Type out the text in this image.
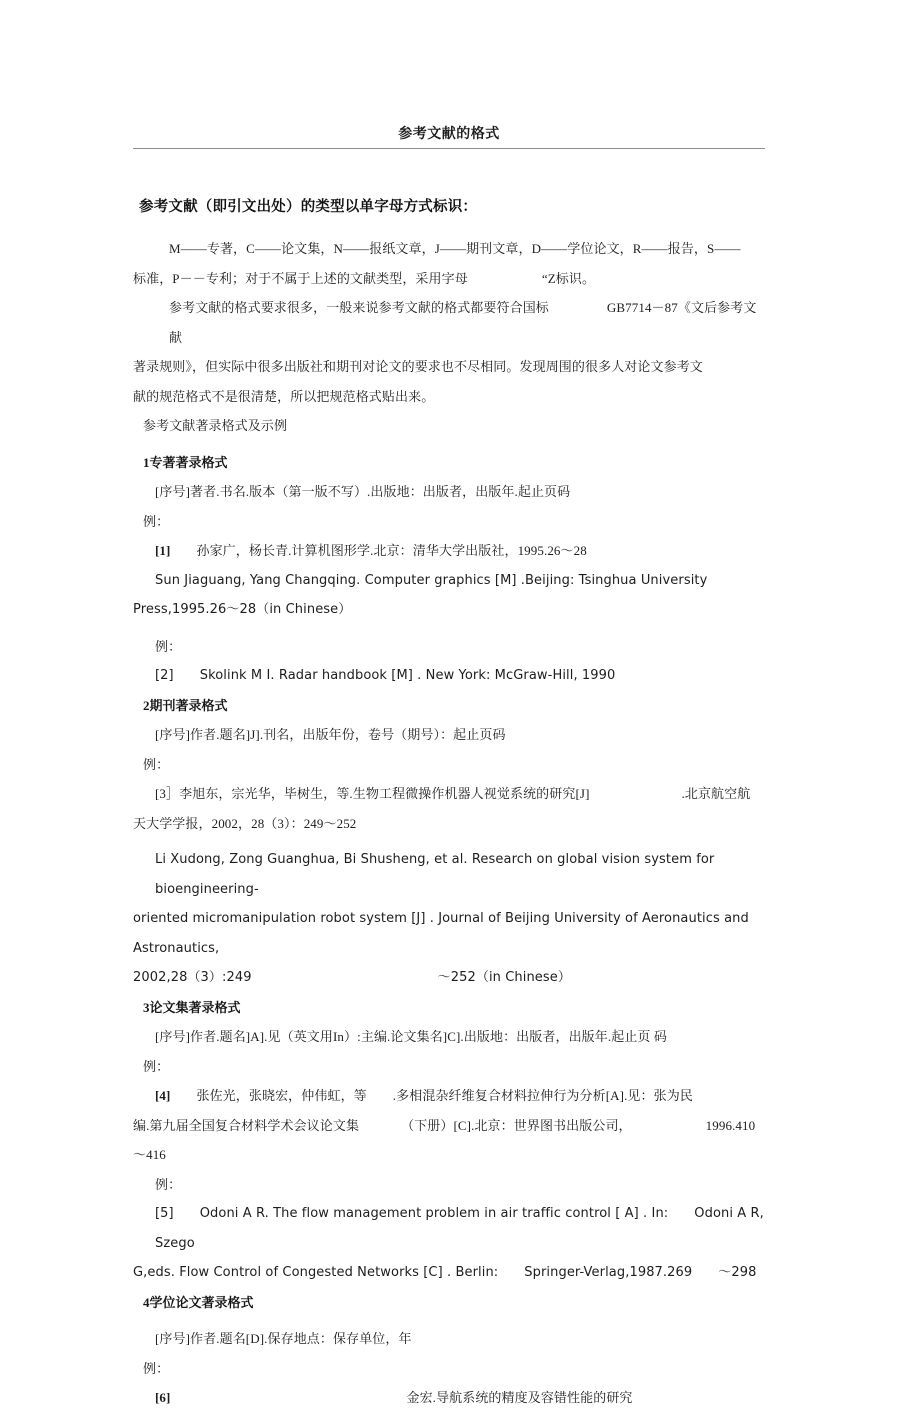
参考文献的格式
参考文献（即引文出处）的类型以单字母方式标识：

M——专著，C——论文集，N——报纸文章，J——期刊文章，D——学位论文，R——报告，S——

标准，P－－专利；对于不属于上述的文献类型，采用字母	“Z标识。

参考文献的格式要求很多，一般来说参考文献的格式都要符合国标	GB7714－87《文后参考文献

著录规则》，但实际中很多出版社和期刊对论文的要求也不尽相同。发现周围的很多人对论文参考文

献的规范格式不是很清楚，所以把规范格式贴出来。

参考文献著录格式及示例

1专著著录格式

[序号]著者.书名.版本（第一版不写）.出版地：出版者，出版年.起止页码

例：

[1] 孙家广，杨长青.计算机图形学.北京：清华大学出版社，1995.26～28

Sun Jiaguang, Yang Changqing. Computer graphics [M] .Beijing: Tsinghua University

Press,1995.26～28（in Chinese）

例：

[2] Skolink M I. Radar handbook [M] . New York: McGraw-Hill, 1990

2期刊著录格式

[序号]作者.题名]J].刊名，出版年份，卷号（期号）：起止页码

例：

[3］李旭东，宗光华，毕树生，等.生物工程微操作机器人视觉系统的研究[J]	.北京航空航

天大学学报，2002，28（3）：249～252

Li Xudong, Zong Guanghua, Bi Shusheng, et al. Research on global vision system for bioengineering-

oriented micromanipulation robot system [J] . Journal of Beijing University of Aeronautics and Astronautics,

2002,28（3）:249	～252（in Chinese）

3论文集著录格式

[序号]作者.题名]A].见（英文用In）:主编.论文集名]C].出版地：出版者，出版年.起止页 码

例：

[4] 张佐光，张晓宏，仲伟虹，等 .多相混杂纤维复合材料拉伸行为分析[A].见：张为民

编.第九届全国复合材料学术会议论文集	（下册）[C].北京：世界图书出版公司，	1996.410～416

例：

[5] Odoni A R. The flow management problem in air traffic control [ A] . In: Odoni A R, Szego

G,eds. Flow Control of Congested Networks [C] . Berlin: Springer-Verlag,1987.269 ～298

4学位论文著录格式

[序号]作者.题名[D].保存地点：保存单位，年

例：

[6]	金宏.导航系统的精度及容错性能的研究
